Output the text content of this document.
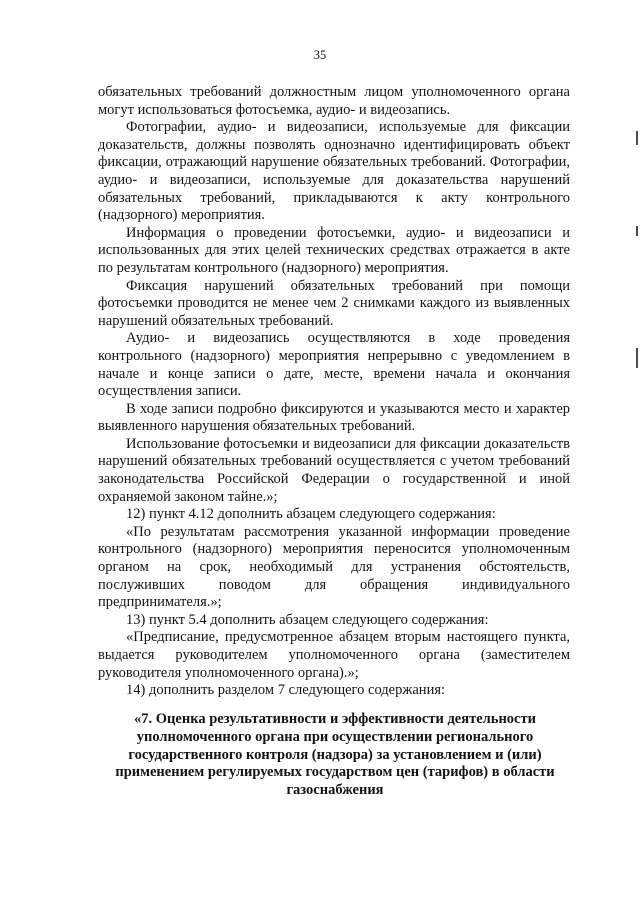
35

обязательных требований должностным лицом уполномоченного органа могут использоваться фотосъемка, аудио- и видеозапись.

Фотографии, аудио- и видеозаписи, используемые для фиксации доказательств, должны позволять однозначно идентифицировать объект фиксации, отражающий нарушение обязательных требований. Фотографии, аудио- и видеозаписи, используемые для доказательства нарушений обязательных требований, прикладываются к акту контрольного (надзорного) мероприятия.

Информация о проведении фотосъемки, аудио- и видеозаписи и использованных для этих целей технических средствах отражается в акте по результатам контрольного (надзорного) мероприятия.

Фиксация нарушений обязательных требований при помощи фотосъемки проводится не менее чем 2 снимками каждого из выявленных нарушений обязательных требований.

Аудио- и видеозапись осуществляются в ходе проведения контрольного (надзорного) мероприятия непрерывно с уведомлением в начале и конце записи о дате, месте, времени начала и окончания осуществления записи.

В ходе записи подробно фиксируются и указываются место и характер выявленного нарушения обязательных требований.

Использование фотосъемки и видеозаписи для фиксации доказательств нарушений обязательных требований осуществляется с учетом требований законодательства Российской Федерации о государственной и иной охраняемой законом тайне.»;

12) пункт 4.12 дополнить абзацем следующего содержания:

«По результатам рассмотрения указанной информации проведение контрольного (надзорного) мероприятия переносится уполномоченным органом на срок, необходимый для устранения обстоятельств, послуживших поводом для обращения индивидуального предпринимателя.»;

13) пункт 5.4 дополнить абзацем следующего содержания:

«Предписание, предусмотренное абзацем вторым настоящего пункта, выдается руководителем уполномоченного органа (заместителем руководителя уполномоченного органа).»;

14) дополнить разделом 7 следующего содержания:

«7. Оценка результативности и эффективности деятельности уполномоченного органа при осуществлении регионального государственного контроля (надзора) за установлением и (или) применением регулируемых государством цен (тарифов) в области газоснабжения
